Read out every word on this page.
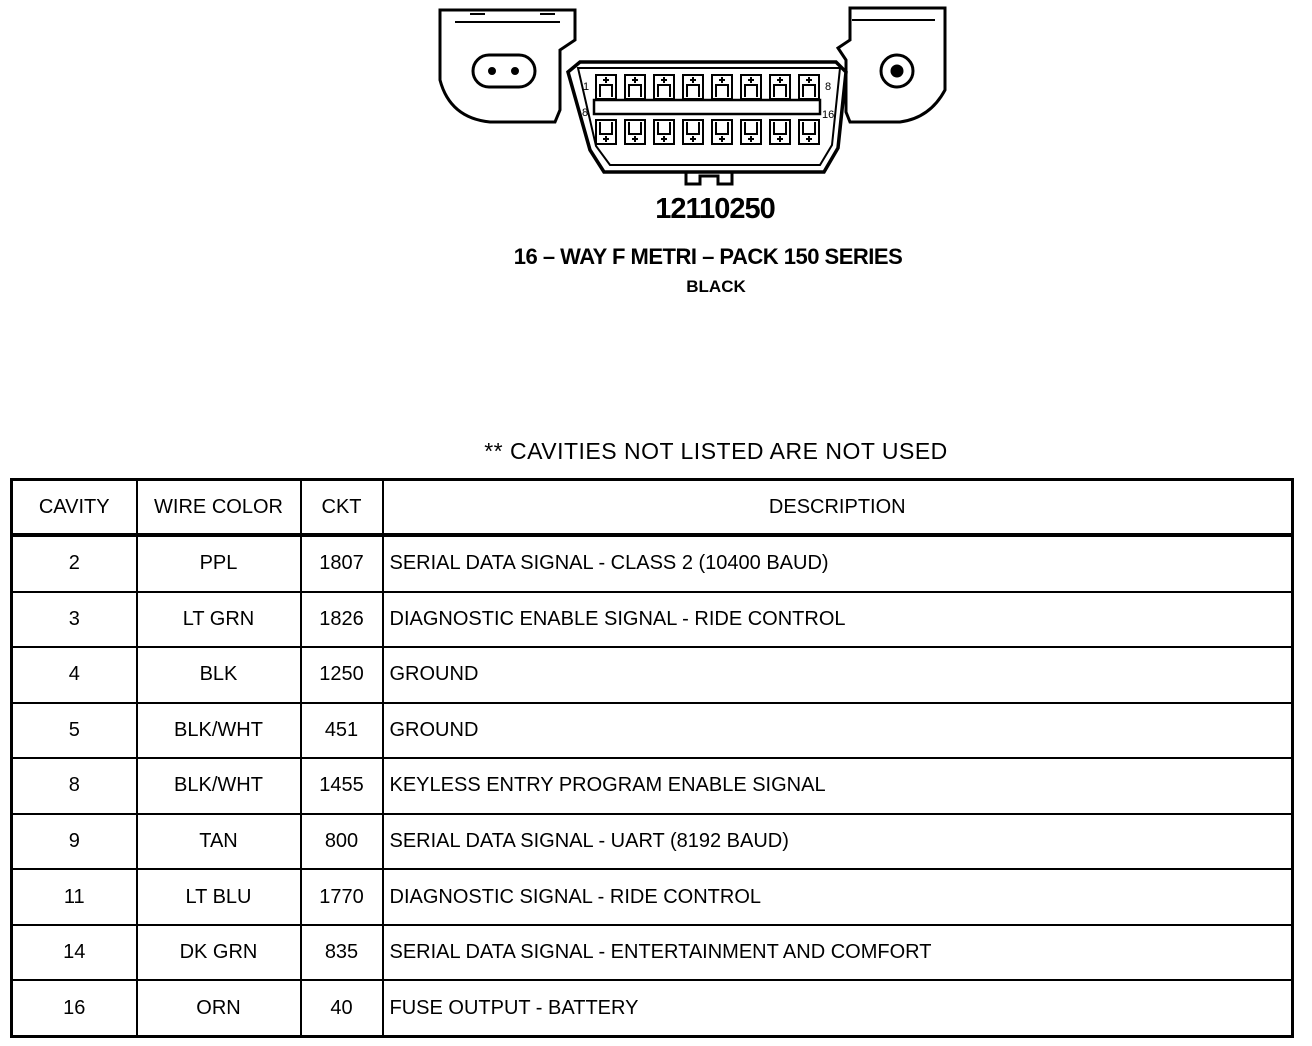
1	8
8	16
12110250
16 – WAY F METRI – PACK 150 SERIES
BLACK
** CAVITIES NOT LISTED ARE NOT USED
CAVITY	WIRE COLOR	CKT	DESCRIPTION
2	PPL	1807	SERIAL DATA SIGNAL - CLASS 2 (10400 BAUD)
3	LT GRN	1826	DIAGNOSTIC ENABLE SIGNAL - RIDE CONTROL
4	BLK	1250	GROUND
5	BLK/WHT	451	GROUND
8	BLK/WHT	1455	KEYLESS ENTRY PROGRAM ENABLE SIGNAL
9	TAN	800	SERIAL DATA SIGNAL - UART (8192 BAUD)
11	LT BLU	1770	DIAGNOSTIC SIGNAL - RIDE CONTROL
14	DK GRN	835	SERIAL DATA SIGNAL - ENTERTAINMENT AND COMFORT
16	ORN	40	FUSE OUTPUT - BATTERY
